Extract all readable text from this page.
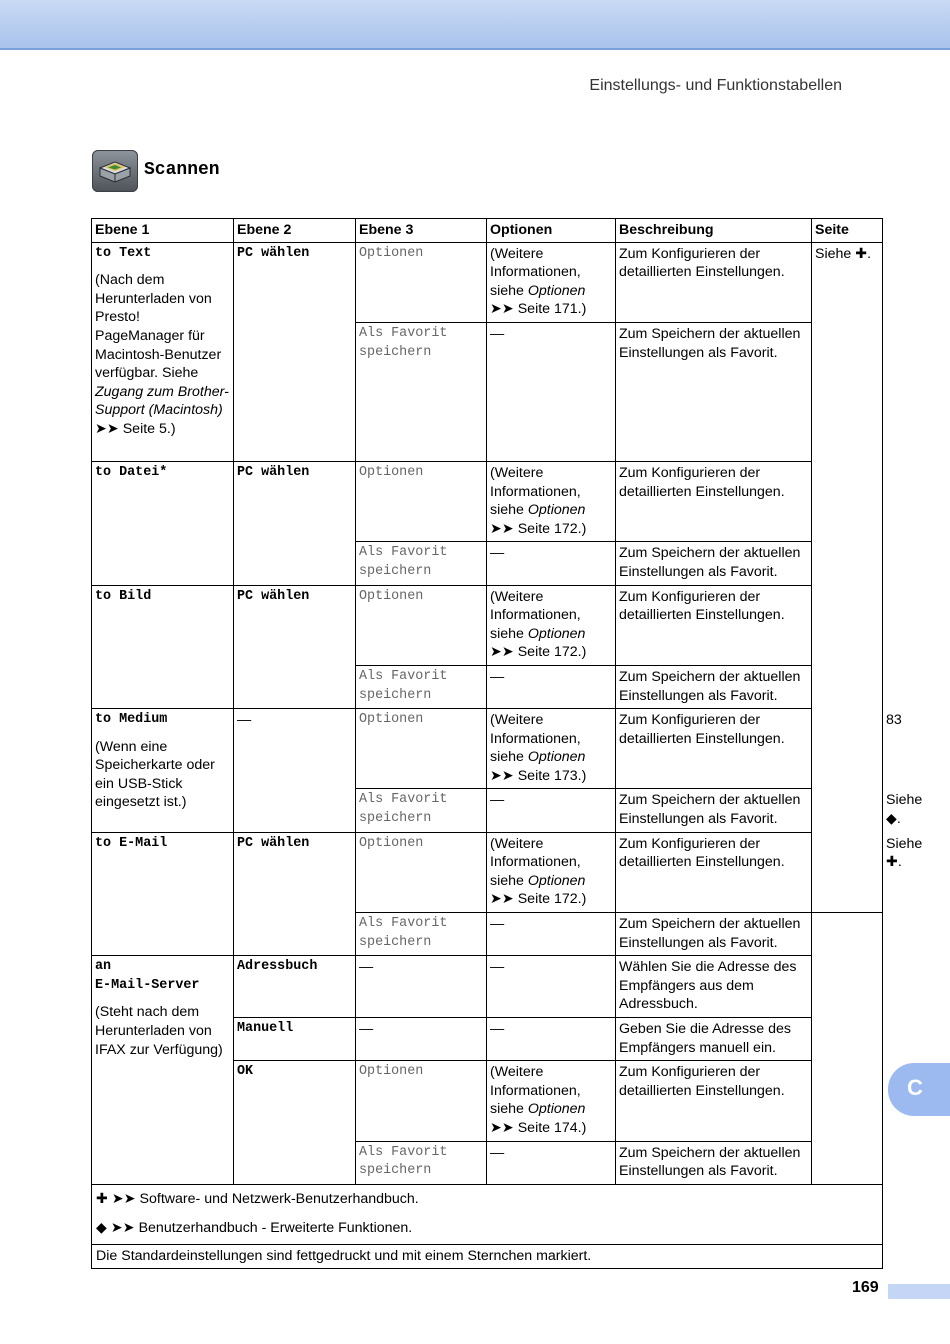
Einstellungs- und Funktionstabellen
Scannen
Ebene 1	Ebene 2	Ebene 3	Optionen	Beschreibung	Seite	

to Text
(Nach dem Herunterladen von Presto! PageManager für Macintosh-Benutzer verfügbar. Siehe Zugang zum Brother-Support (Macintosh)
➤➤ Seite 5.)	PC wählen	Optionen	(Weitere
Informationen,
siehe Optionen
➤➤ Seite 171.)	Zum Konfigurieren der detaillierten Einstellungen.	Siehe ✚.	

		Als Favorit
speichern	—	Zum Speichern der aktuellen Einstellungen als Favorit.		
to Datei*	PC wählen	Optionen	(Weitere
Informationen,
siehe Optionen
➤➤ Seite 172.)	Zum Konfigurieren der detaillierten Einstellungen.		

		Als Favorit
speichern	—	Zum Speichern der aktuellen Einstellungen als Favorit.		
to Bild	PC wählen	Optionen	(Weitere
Informationen,
siehe Optionen
➤➤ Seite 172.)	Zum Konfigurieren der detaillierten Einstellungen.		

		Als Favorit
speichern	—	Zum Speichern der aktuellen Einstellungen als Favorit.		

to Medium
(Wenn eine Speicherkarte oder ein USB-Stick eingesetzt ist.)	—	Optionen	(Weitere
Informationen,
siehe Optionen
➤➤ Seite 173.)	Zum Konfigurieren der detaillierten Einstellungen.		83

		Als Favorit
speichern	—	Zum Speichern der aktuellen Einstellungen als Favorit.		Siehe ◆.
to E-Mail	PC wählen	Optionen	(Weitere
Informationen,
siehe Optionen
➤➤ Seite 172.)	Zum Konfigurieren der detaillierten Einstellungen.		Siehe ✚.

		Als Favorit
speichern	—	Zum Speichern der aktuellen Einstellungen als Favorit.		

an
E-Mail-Server
(Steht nach dem Herunterladen von IFAX zur Verfügung)	Adressbuch	—	—	Wählen Sie die Adresse des Empfängers aus dem Adressbuch.		
	Manuell	—	—	Geben Sie die Adresse des Empfängers manuell ein.		
	OK	Optionen	(Weitere
Informationen,
siehe Optionen
➤➤ Seite 174.)	Zum Konfigurieren der detaillierten Einstellungen.		

		Als Favorit
speichern	—	Zum Speichern der aktuellen Einstellungen als Favorit.		

✚ ➤➤ Software- und Netzwerk-Benutzerhandbuch.
◆ ➤➤ Benutzerhandbuch - Erweiterte Funktionen.						

Die Standardeinstellungen sind fettgedruckt und mit einem Sternchen markiert.						
C
169
